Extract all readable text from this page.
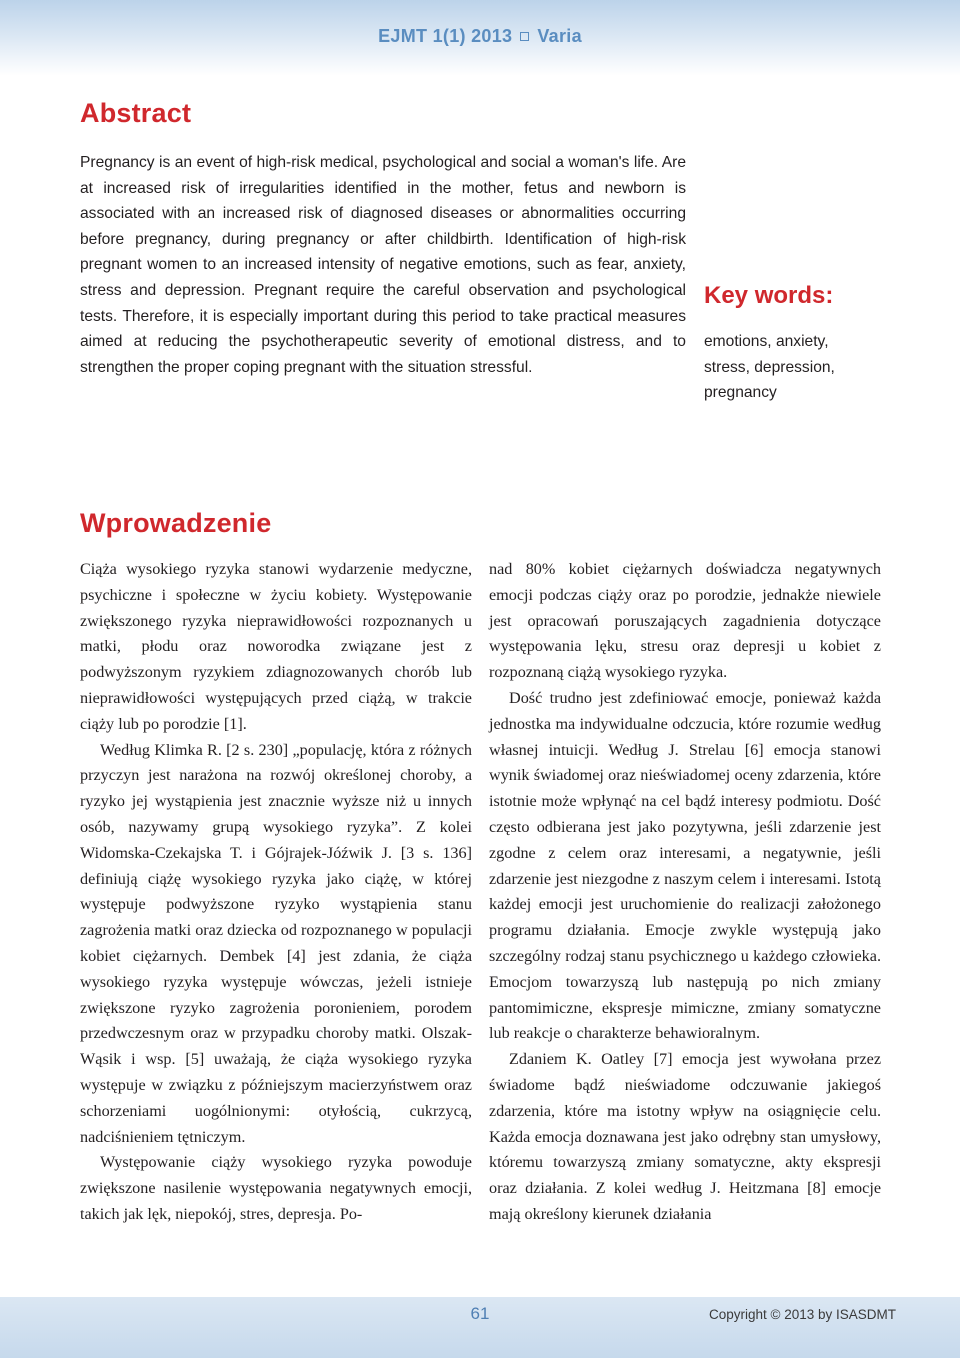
EJMT 1(1) 2013 Varia
Abstract

Pregnancy is an event of high-risk medical, psychological and social a woman's life. Are at increased risk of irregularities identified in the mother, fetus and newborn is associated with an increased risk of diagnosed diseases or abnormalities occurring before pregnancy, during pregnancy or after childbirth. Identification of high-risk pregnant women to an increased intensity of negative emotions, such as fear, anxiety, stress and depression. Pregnant require the careful observation and psychological tests. Therefore, it is especially important during this period to take practical measures aimed at reducing the psychotherapeutic severity of emotional distress, and to strengthen the proper coping pregnant with the situation stressful.

Key words:
emotions, anxiety, stress, depression, pregnancy
Wprowadzenie

Ciąża wysokiego ryzyka stanowi wydarzenie medyczne, psychiczne i społeczne w życiu kobiety. Występowanie zwiększonego ryzyka nieprawidłowości rozpoznanych u matki, płodu oraz noworodka związane jest z podwyższonym ryzykiem zdiagnozowanych chorób lub nieprawidłowości występujących przed ciążą, w trakcie ciąży lub po porodzie [1].

Według Klimka R. [2 s. 230] „populację, która z różnych przyczyn jest narażona na rozwój określonej choroby, a ryzyko jej wystąpienia jest znacznie wyższe niż u innych osób, nazywamy grupą wysokiego ryzyka”. Z kolei Widomska-Czekajska T. i Gójrajek-Jóźwik J. [3 s. 136] definiują ciążę wysokiego ryzyka jako ciążę, w której występuje podwyższone ryzyko wystąpienia stanu zagrożenia matki oraz dziecka od rozpoznanego w populacji kobiet ciężarnych. Dembek [4] jest zdania, że ciąża wysokiego ryzyka występuje wówczas, jeżeli istnieje zwiększone ryzyko zagrożenia poronieniem, porodem przedwczesnym oraz w przypadku choroby matki. Olszak-Wąsik i wsp. [5] uważają, że ciąża wysokiego ryzyka występuje w związku z późniejszym macierzyństwem oraz schorzeniami uogólnionymi: otyłością, cukrzycą, nadciśnieniem tętniczym.

Występowanie ciąży wysokiego ryzyka powoduje zwiększone nasilenie występowania negatywnych emocji, takich jak lęk, niepokój, stres, depresja. Po-

nad 80% kobiet ciężarnych doświadcza negatywnych emocji podczas ciąży oraz po porodzie, jednakże niewiele jest opracowań poruszających zagadnienia dotyczące występowania lęku, stresu oraz depresji u kobiet z rozpoznaną ciążą wysokiego ryzyka.

Dość trudno jest zdefiniować emocje, ponieważ każda jednostka ma indywidualne odczucia, które rozumie według własnej intuicji. Według J. Strelau [6] emocja stanowi wynik świadomej oraz nieświadomej oceny zdarzenia, które istotnie może wpłynąć na cel bądź interesy podmiotu. Dość często odbierana jest jako pozytywna, jeśli zdarzenie jest zgodne z celem oraz interesami, a negatywnie, jeśli zdarzenie jest niezgodne z naszym celem i interesami. Istotą każdej emocji jest uruchomienie do realizacji założonego programu działania. Emocje zwykle występują jako szczególny rodzaj stanu psychicznego u każdego człowieka. Emocjom towarzyszą lub następują po nich zmiany pantomimiczne, ekspresje mimiczne, zmiany somatyczne lub reakcje o charakterze behawioralnym.

Zdaniem K. Oatley [7] emocja jest wywołana przez świadome bądź nieświadome odczuwanie jakiegoś zdarzenia, które ma istotny wpływ na osiągnięcie celu. Każda emocja doznawana jest jako odrębny stan umysłowy, któremu towarzyszą zmiany somatyczne, akty ekspresji oraz działania. Z kolei według J. Heitzmana [8] emocje mają określony kierunek działania

61	Copyright © 2013 by ISASDMT
